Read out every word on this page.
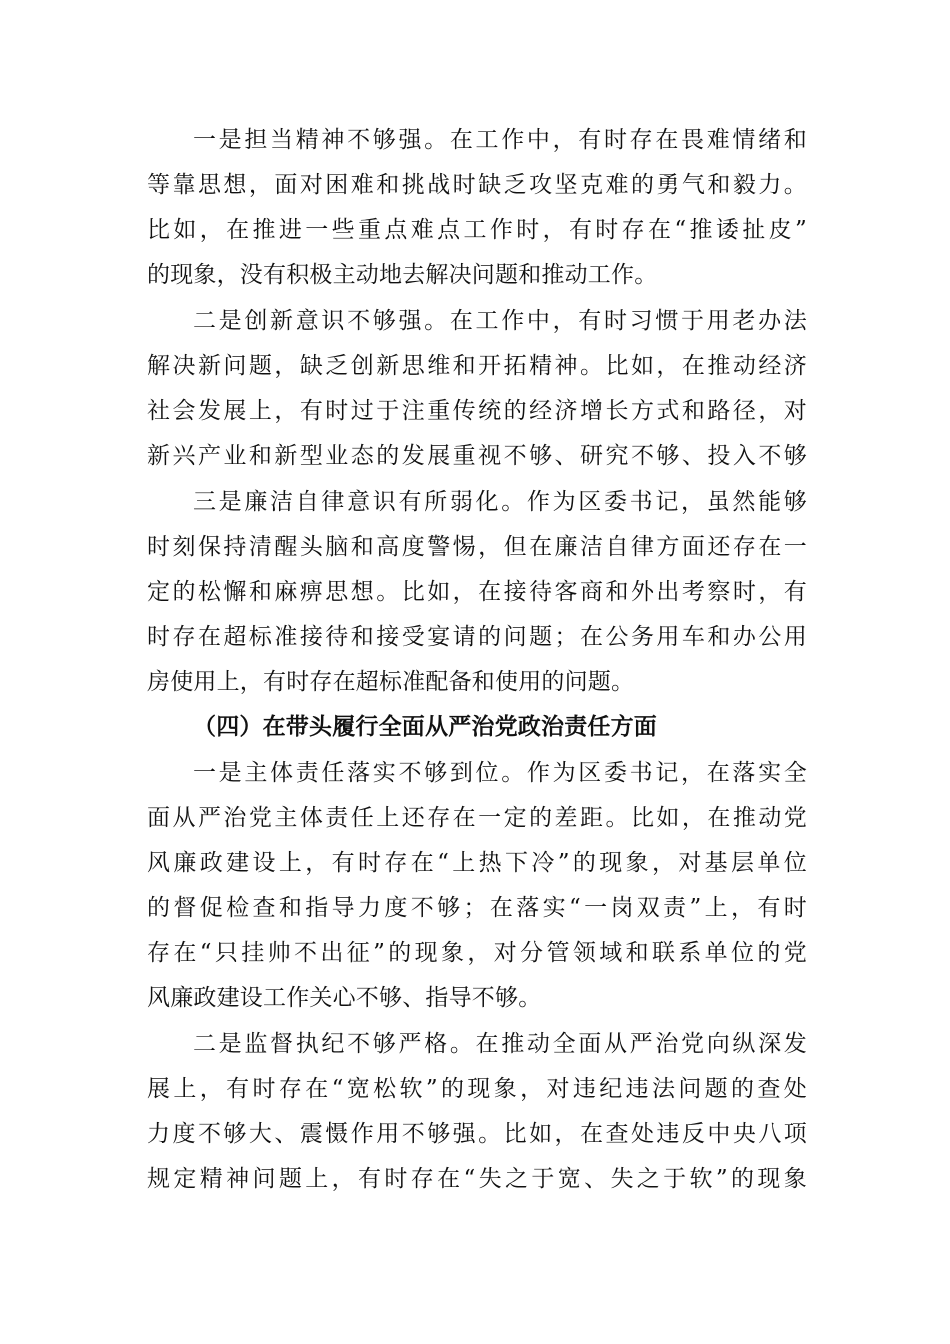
一是担当精神不够强。在工作中，有时存在畏难情绪和
等靠思想，面对困难和挑战时缺乏攻坚克难的勇气和毅力。
比如，在推进一些重点难点工作时，有时存在“推诿扯皮”
的现象，没有积极主动地去解决问题和推动工作。
二是创新意识不够强。在工作中，有时习惯于用老办法
解决新问题，缺乏创新思维和开拓精神。比如，在推动经济
社会发展上，有时过于注重传统的经济增长方式和路径，对
新兴产业和新型业态的发展重视不够、研究不够、投入不够
三是廉洁自律意识有所弱化。作为区委书记，虽然能够
时刻保持清醒头脑和高度警惕，但在廉洁自律方面还存在一
定的松懈和麻痹思想。比如，在接待客商和外出考察时，有
时存在超标准接待和接受宴请的问题；在公务用车和办公用
房使用上，有时存在超标准配备和使用的问题。
（四）在带头履行全面从严治党政治责任方面
一是主体责任落实不够到位。作为区委书记，在落实全
面从严治党主体责任上还存在一定的差距。比如，在推动党
风廉政建设上，有时存在“上热下冷”的现象，对基层单位
的督促检查和指导力度不够；在落实“一岗双责”上，有时
存在“只挂帅不出征”的现象，对分管领域和联系单位的党
风廉政建设工作关心不够、指导不够。
二是监督执纪不够严格。在推动全面从严治党向纵深发
展上，有时存在“宽松软”的现象，对违纪违法问题的查处
力度不够大、震慑作用不够强。比如，在查处违反中央八项
规定精神问题上，有时存在“失之于宽、失之于软”的现象
